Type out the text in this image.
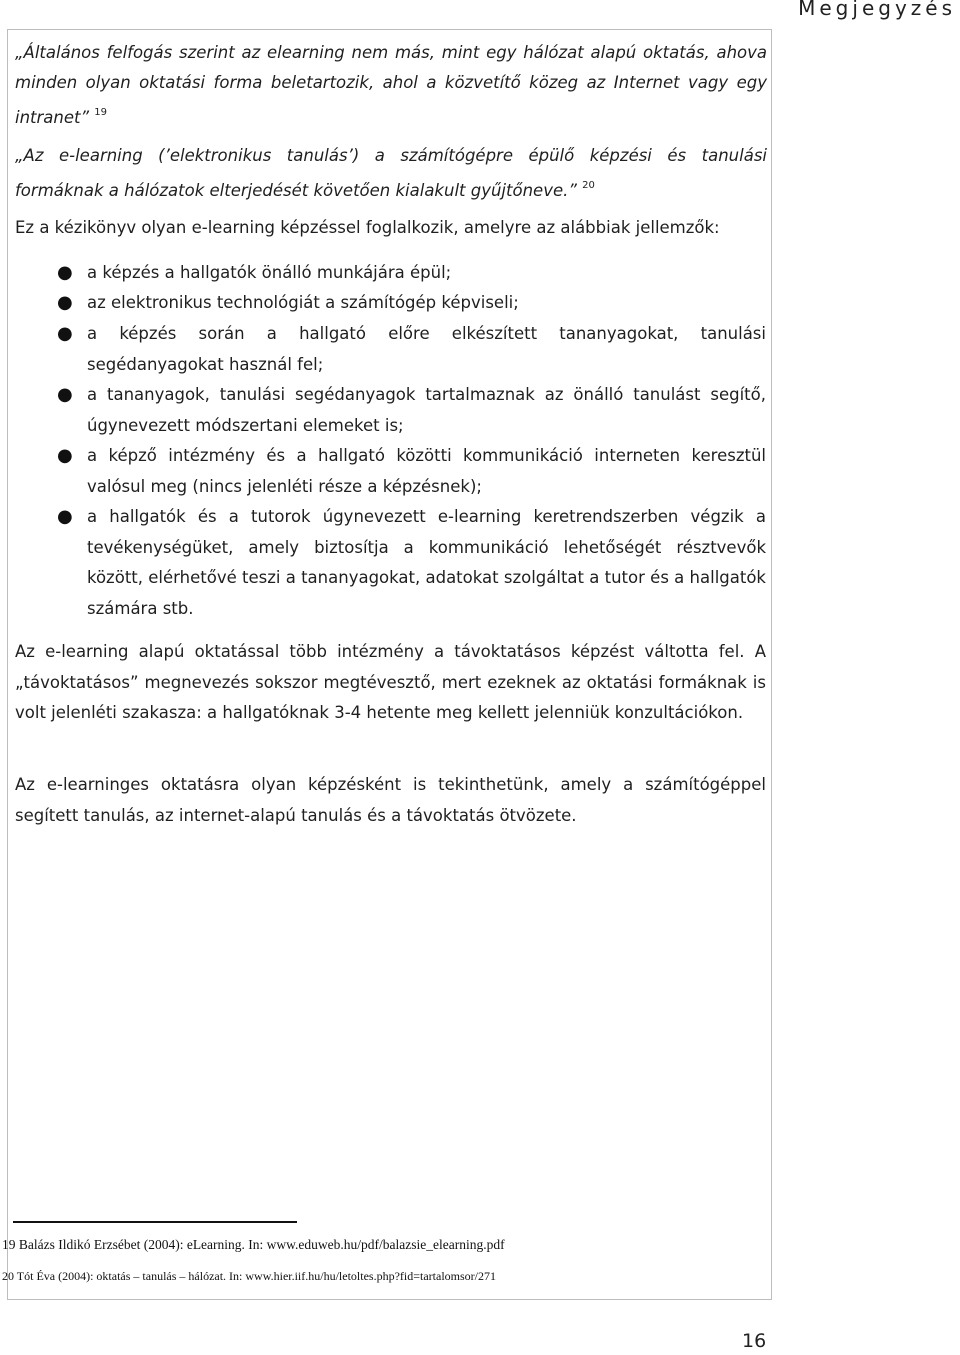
Megjegyzés
„Általános felfogás szerint az elearning nem más, mint egy hálózat alapú oktatás, ahova minden olyan oktatási forma beletartozik, ahol a közvetítő közeg az Internet vagy egy intranet” $^{19}$
„Az e-learning (’elektronikus tanulás’) a számítógépre épülő képzési és tanulási formáknak a hálózatok elterjedését követően kialakult gyűjtőneve.” $^{20}$
Ez a kézikönyv olyan e-learning képzéssel foglalkozik, amelyre az alábbiak jellemzők:
● a képzés a hallgatók önálló munkájára épül;
● az elektronikus technológiát a számítógép képviseli;
● a képzés során a hallgató előre elkészített tananyagokat, tanulási segédanyagokat használ fel;
● a tananyagok, tanulási segédanyagok tartalmaznak az önálló tanulást segítő, úgynevezett módszertani elemeket is;
● a képző intézmény és a hallgató közötti kommunikáció interneten keresztül valósul meg (nincs jelenléti része a képzésnek);
● a hallgatók és a tutorok úgynevezett e-learning keretrendszerben végzik a tevékenységüket, amely biztosítja a kommunikáció lehetőségét résztvevők között, elérhetővé teszi a tananyagokat, adatokat szolgáltat a tutor és a hallgatók számára stb.
Az e-learning alapú oktatással több intézmény a távoktatásos képzést váltotta fel. A „távoktatásos” megnevezés sokszor megtévesztő, mert ezeknek az oktatási formáknak is volt jelenléti szakasza: a hallgatóknak 3-4 hetente meg kellett jelenniük konzultációkon.
Az e-learninges oktatásra olyan képzésként is tekinthetünk, amely a számítógéppel segített tanulás, az internet-alapú tanulás és a távoktatás ötvözete.
19 Balázs Ildikó Erzsébet (2004): eLearning. In: www.eduweb.hu/pdf/balazsie_elearning.pdf
20 Tót Éva (2004): oktatás – tanulás – hálózat. In: www.hier.iif.hu/hu/letoltes.php?fid=tartalomsor/271
16
